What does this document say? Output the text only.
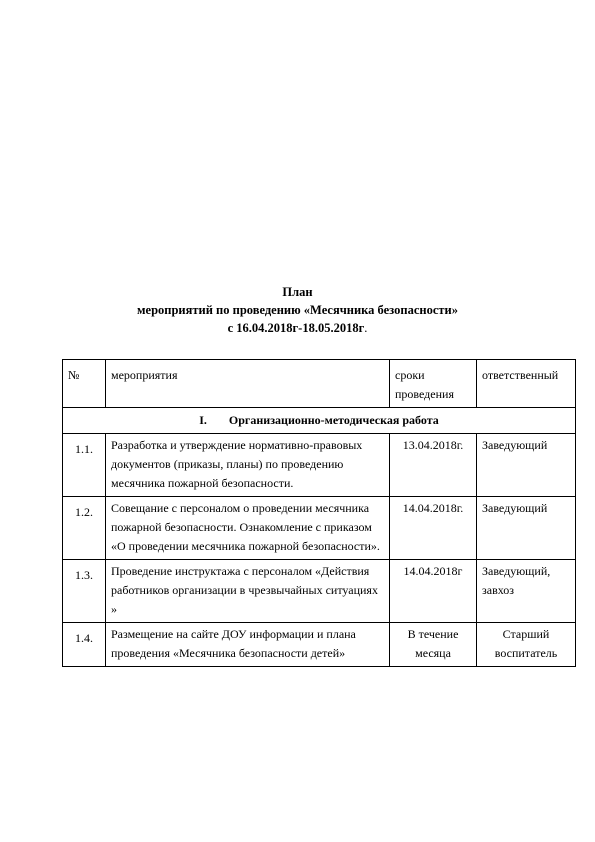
План

мероприятий по проведению «Месячника безопасности»
с 16.04.2018г-18.05.2018г.
№	мероприятия	сроки проведения	ответственный
I. Организационно-методическая работа			
1.1.	Разработка и утверждение нормативно-правовых документов (приказы, планы) по проведению месячника пожарной безопасности.	13.04.2018г.	Заведующий
1.2.	Совещание с персоналом о проведении месячника пожарной безопасности. Ознакомление с приказом «О проведении месячника пожарной безопасности».	14.04.2018г.	Заведующий
1.3.	Проведение инструктажа с персоналом «Действия работников организации в чрезвычайных ситуациях »	14.04.2018г	Заведующий, завхоз
1.4.	Размещение на сайте ДОУ информации и плана проведения «Месячника безопасности детей»	В течение месяца	Старший воспитатель
